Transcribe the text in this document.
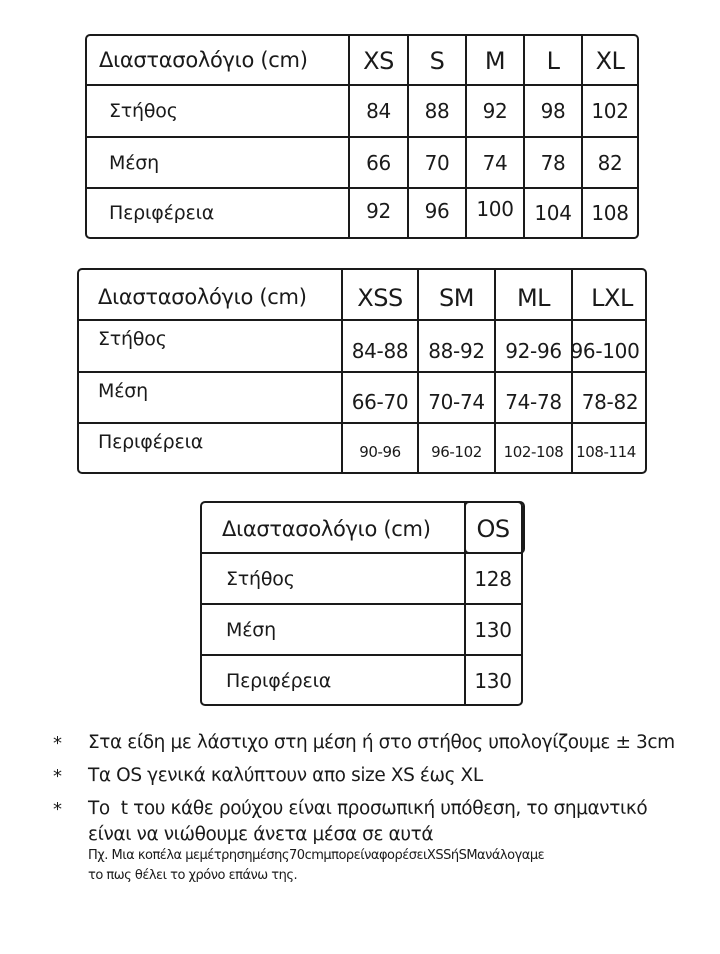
Διαστασολόγιο (cm)	XS	S	M	L	XL
Στήθος	84	88	92	98	102
Μέση	66	70	74	78	82
Περιφέρεια	92	96	100	104 108
Διαστασολόγιο (cm)	XSS	SM	ML	LXL
Στήθος	84-88 88-92	92-96 96-100
Μέση	66-70 70-74	74-78 78-82
Περιφέρεια	90-96	96-102	102-108 108-114
Διαστασολόγιο (cm)	OS
Στήθος	128
Μέση	130
Περιφέρεια	130
* Στα είδη με λάστιχο στη μέση ή στο στήθος υπολογίζουμε ± 3cm
* Τα OS γενικά καλύπτουν απο size XS έως XL
* Το  t του κάθε ρούχου είναι προσωπική υπόθεση, το σημαντικό
είναι να νιώθουμε άνετα μέσα σε αυτά
Πχ. Μια κοπέλα μεμέτρησημέσης70cmμπορείναφορέσειXSSήSMανάλογαμε
το πως θέλει το χρόνο επάνω της.
